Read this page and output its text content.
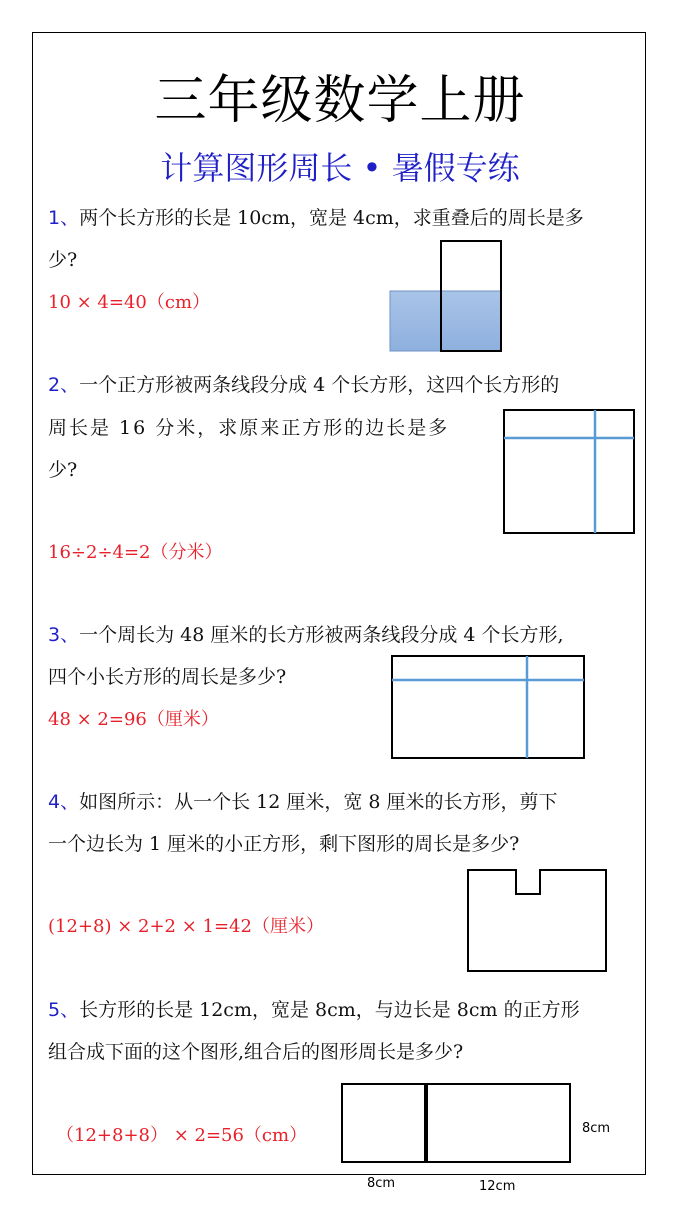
三年级数学上册
计算图形周长 • 暑假专练
1、两个长方形的长是 10cm，宽是 4cm，求重叠后的周长是多
少?
10 × 4=40（cm）
2、一个正方形被两条线段分成 4 个长方形，这四个长方形的
周长是 16 分米，求原来正方形的边长是多
少?
16÷2÷4=2（分米）
3、一个周长为 48 厘米的长方形被两条线段分成 4 个长方形,
四个小长方形的周长是多少?
48 × 2=96（厘米）
4、如图所示：从一个长 12 厘米，宽 8 厘米的长方形，剪下
一个边长为 1 厘米的小正方形，剩下图形的周长是多少?
(12+8) × 2+2 × 1=42（厘米）
5、长方形的长是 12cm，宽是 8cm，与边长是 8cm 的正方形
组合成下面的这个图形,组合后的图形周长是多少?
（12+8+8） × 2=56（cm）	8cm
8cm	12cm
